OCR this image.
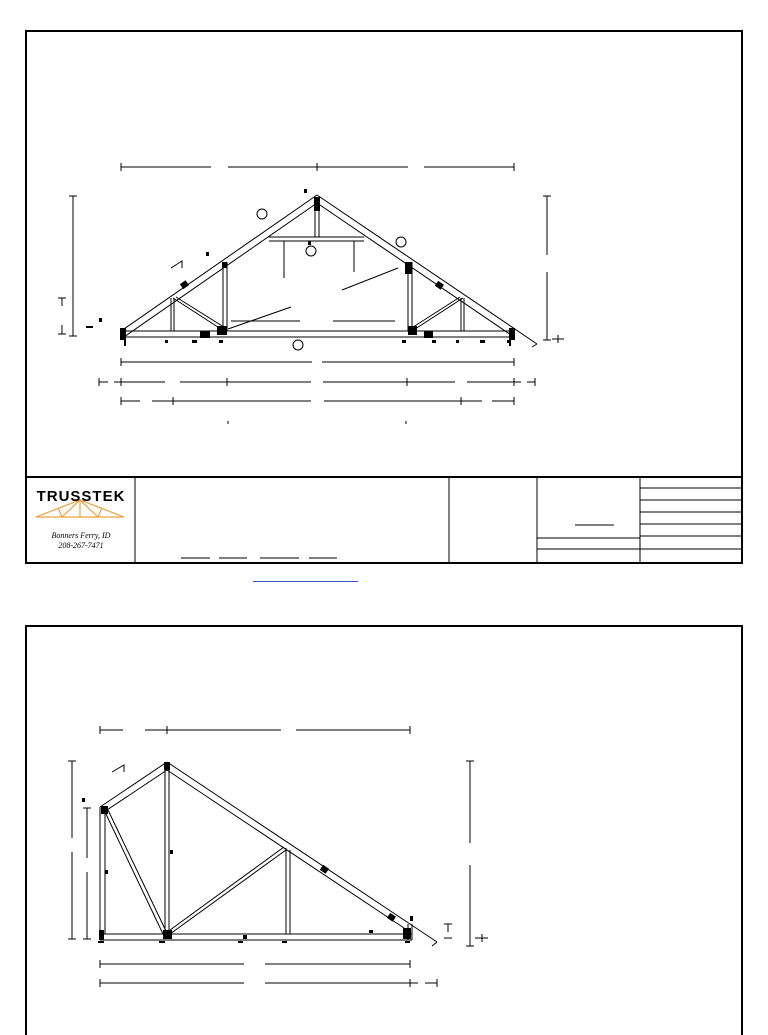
TRUSSTEK
Bonners Ferry, ID
208-267-7471
